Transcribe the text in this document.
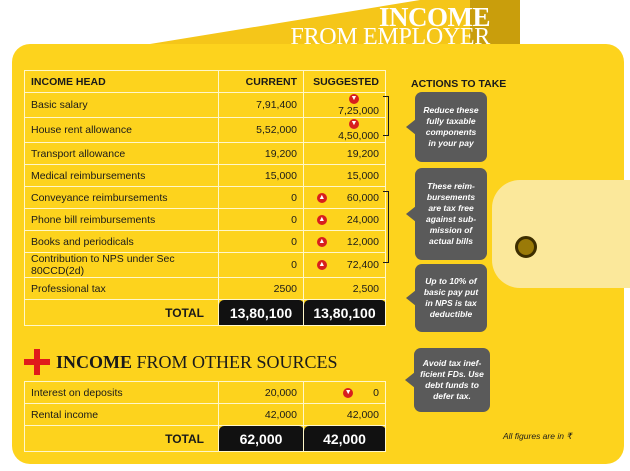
INCOME
FROM EMPLOYER
INCOME HEAD	CURRENT	SUGGESTED
Basic salary	7,91,400	▼7,25,000
House rent allowance	5,52,000	▼4,50,000
Transport allowance	19,200	19,200
Medical reimbursements	15,000	15,000
Conveyance reimbursements	0	▲ 60,000
Phone bill reimbursements	0	▲ 24,000
Books and periodicals	0	▲ 12,000
Contribution to NPS under Sec 80CCD(2d)	0	▲ 72,400
Professional tax	2500	2,500
TOTAL	13,80,100	13,80,100
ACTIONS TO TAKE
Reduce these fully taxable components in your pay
These reim-bursements are tax free against sub-mission of actual bills
Up to 10% of basic pay put in NPS is tax deductible
INCOME FROM OTHER SOURCES	Avoid tax inef-ficient FDs. Use debt funds to defer tax.
Interest on deposits	20,000	▼ 0
Rental income	42,000	42,000
TOTAL	62,000	42,000	All figures are in ₹
